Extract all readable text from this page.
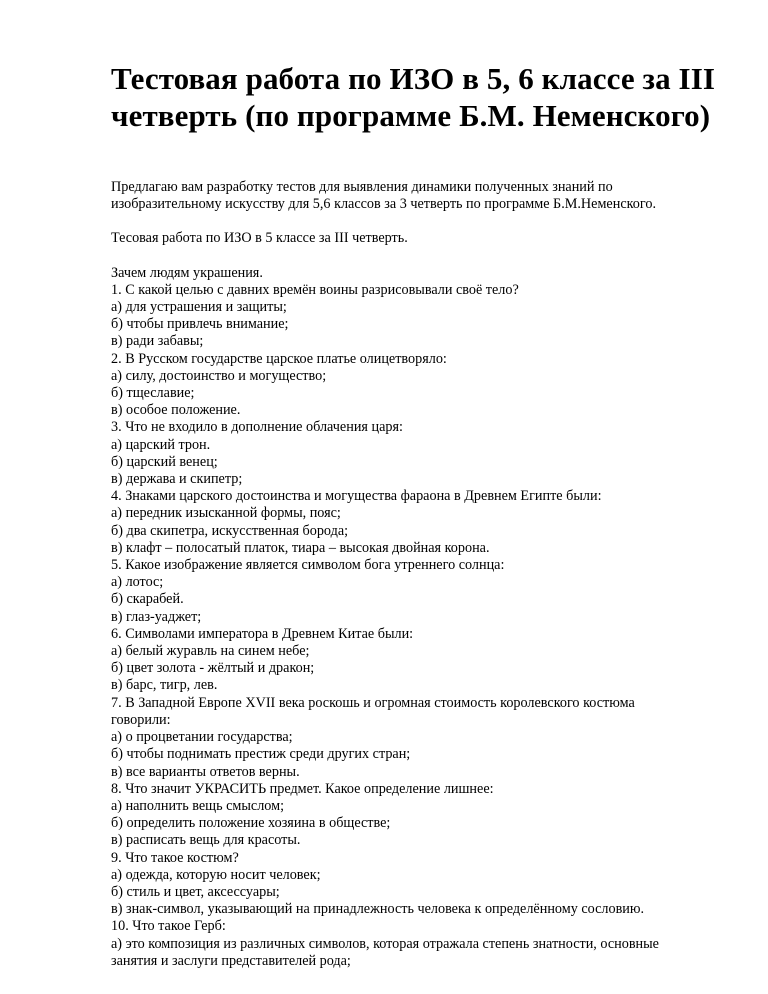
Тестовая работа по ИЗО в 5, 6 классе за III
четверть (по программе Б.М. Неменского)
Предлагаю вам разработку тестов для выявления динамики полученных знаний по
изобразительному искусству для 5,6 классов за 3 четверть по программе Б.М.Неменского.
Тесовая работа по ИЗО в 5 классе за III четверть.
Зачем людям украшения.
1. С какой целью с давних времён воины разрисовывали своё тело?
а) для устрашения и защиты;
б) чтобы привлечь внимание;
в) ради забавы;
2. В Русском государстве царское платье олицетворяло:
а) силу, достоинство и могущество;
б) тщеславие;
в) особое положение.
3. Что не входило в дополнение облачения царя:
а) царский трон.
б) царский венец;
в) держава и скипетр;
4. Знаками царского достоинства и могущества фараона в Древнем Египте были:
а) передник изысканной формы, пояс;
б) два скипетра, искусственная борода;
в) клафт – полосатый платок, тиара – высокая двойная корона.
5. Какое изображение является символом бога утреннего солнца:
а) лотос;
б) скарабей.
в) глаз-уаджет;
6. Символами императора в Древнем Китае были:
а) белый журавль на синем небе;
б) цвет золота - жёлтый и дракон;
в) барс, тигр, лев.
7. В Западной Европе XVII века роскошь и огромная стоимость королевского костюма
говорили:
а) о процветании государства;
б) чтобы поднимать престиж среди других стран;
в) все варианты ответов верны.
8. Что значит УКРАСИТЬ предмет. Какое определение лишнее:
а) наполнить вещь смыслом;
б) определить положение хозяина в обществе;
в) расписать вещь для красоты.
9. Что такое костюм?
а) одежда, которую носит человек;
б) стиль и цвет, аксессуары;
в) знак-символ, указывающий на принадлежность человека к определённому сословию.
10. Что такое Герб:
а) это композиция из различных символов, которая отражала степень знатности, основные
занятия и заслуги представителей рода;
